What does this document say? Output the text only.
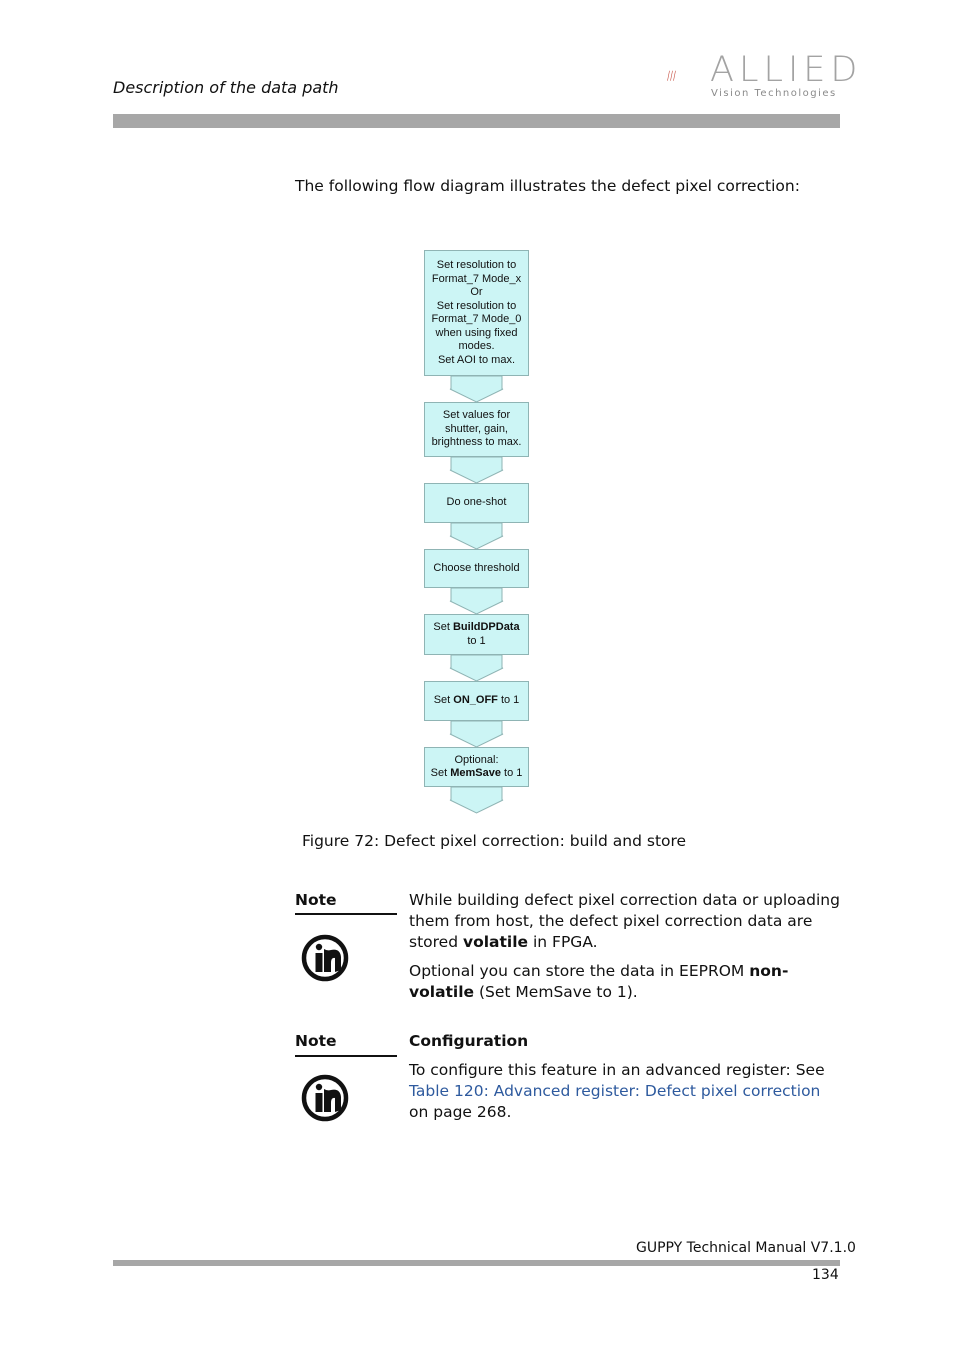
Description of the data path	ALLIED
Vision Technologies
The following flow diagram illustrates the defect pixel correction:
Set resolution to
Format_7 Mode_x
Or
Set resolution to
Format_7 Mode_0
when using fixed
modes.
Set AOI to max.
Set values for
shutter, gain,
brightness to max.
Do one-shot
Choose threshold
Set BuildDPData
to 1
Set ON_OFF to 1
Optional:
Set MemSave to 1
Figure 72: Defect pixel correction: build and store
Note	While building defect pixel correction data or uploading them from host, the defect pixel correction data are stored volatile in FPGA.

Optional you can store the data in EEPROM non-volatile (Set MemSave to 1).

Note	Configuration

To configure this feature in an advanced register: See Table 120: Advanced register: Defect pixel correction on page 268.

GUPPY Technical Manual V7.1.0
134
